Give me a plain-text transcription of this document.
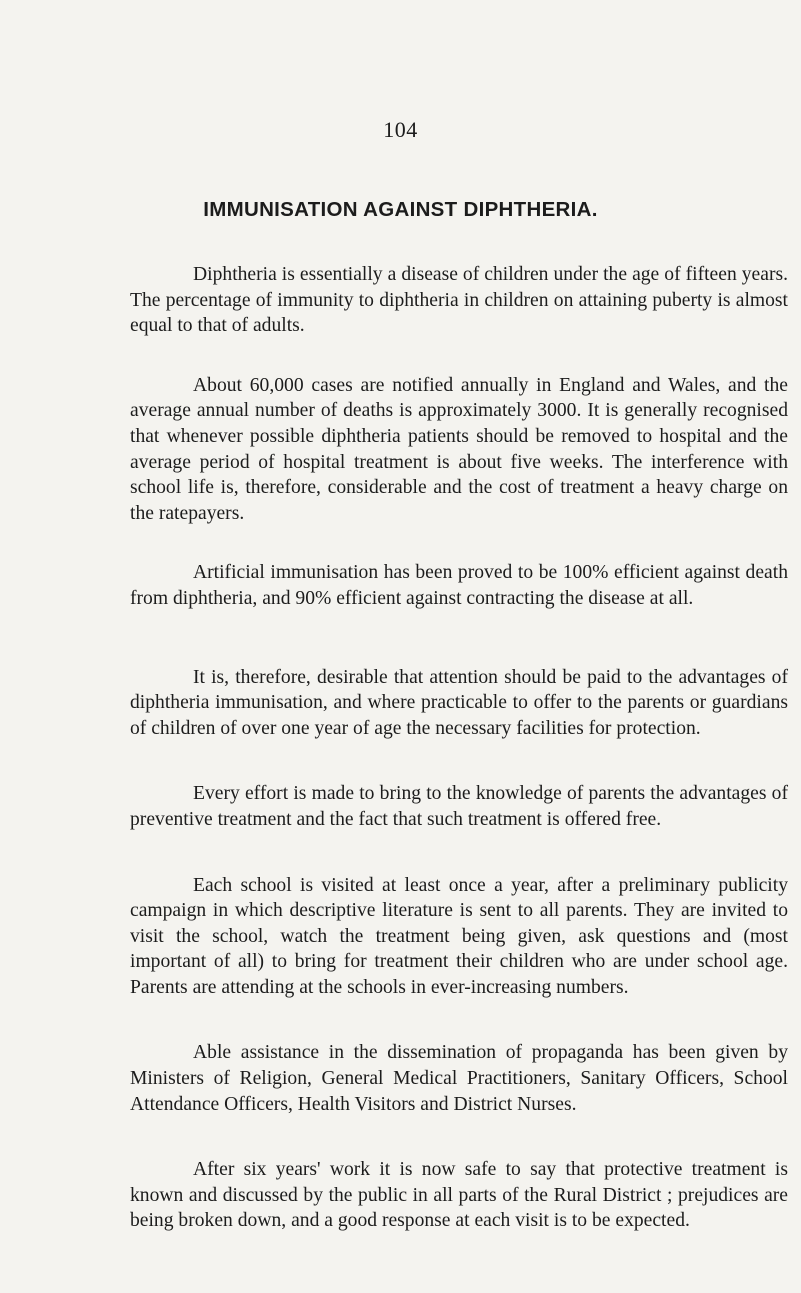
104
IMMUNISATION AGAINST DIPHTHERIA.

Diphtheria is essentially a disease of children under the age of fifteen years. The percentage of immunity to diphtheria in children on attaining puberty is almost equal to that of adults.

About 60,000 cases are notified annually in England and Wales, and the average annual number of deaths is approximately 3000. It is generally recognised that whenever possible diphtheria patients should be removed to hospital and the average period of hospital treatment is about five weeks. The interference with school life is, therefore, considerable and the cost of treatment a heavy charge on the ratepayers.

Artificial immunisation has been proved to be 100% efficient against death from diphtheria, and 90% efficient against contracting the disease at all.

It is, therefore, desirable that attention should be paid to the advantages of diphtheria immunisation, and where practicable to offer to the parents or guardians of children of over one year of age the necessary facilities for protection.

Every effort is made to bring to the knowledge of parents the advantages of preventive treatment and the fact that such treatment is offered free.

Each school is visited at least once a year, after a preliminary publicity campaign in which descriptive literature is sent to all parents. They are invited to visit the school, watch the treatment being given, ask questions and (most important of all) to bring for treatment their children who are under school age. Parents are attending at the schools in ever-increasing numbers.

Able assistance in the dissemination of propaganda has been given by Ministers of Religion, General Medical Practitioners, Sanitary Officers, School Attendance Officers, Health Visitors and District Nurses.

After six years' work it is now safe to say that protective treatment is known and discussed by the public in all parts of the Rural District ; prejudices are being broken down, and a good response at each visit is to be expected.
